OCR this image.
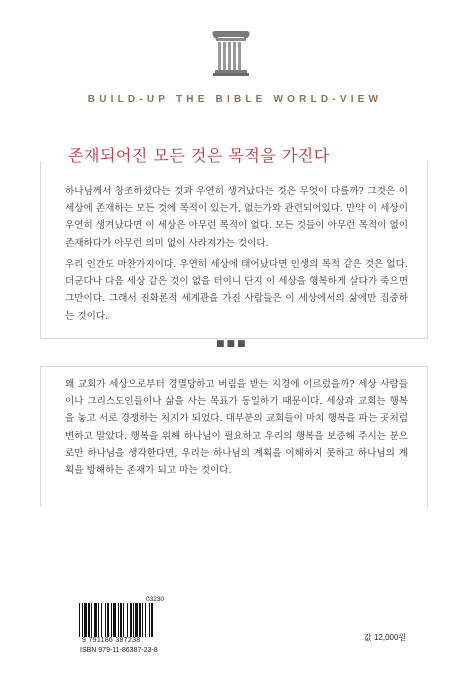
BUILD-UP THE BIBLE WORLD-VIEW
존재되어진 모든 것은 목적을 가진다

하나님께서 창조하셨다는 것과 우연히 생겨났다는 것은 무엇이 다를까? 그것은 이 세상에 존재하는 모든 것에 목적이 있는가, 없는가와 관련되어있다. 만약 이 세상이 우연히 생겨났다면 이 세상은 아무런 목적이 없다. 모든 것들이 아무런 목적이 없이 존재하다가 아무런 의미 없이 사라져가는 것이다.

우리 인간도 마찬가지이다. 우연히 세상에 태어났다면 인생의 목적 같은 것은 없다. 더군다나 다음 세상 같은 것이 없을 터이니 단지 이 세상을 행복하게 살다가 죽으면 그만이다. 그래서 진화론적 세계관을 가진 사람들은 이 세상에서의 삶에만 집중하는 것이다.

■■■

왜 교회가 세상으로부터 경멸당하고 버림을 받는 지경에 이르렀을까? 세상 사람들이나 그리스도인들이나 삶을 사는 목표가 동일하기 때문이다. 세상과 교회는 행복을 놓고 서로 경쟁하는 처지가 되었다. 대부분의 교회들이 마치 행복을 파는 곳처럼 변하고 말았다. 행복을 위해 하나님이 필요하고 우리의 행복을 보증해 주시는 분으로만 하나님을 생각한다면, 우리는 하나님의 계획을 이해하지 못하고 하나님의 계획을 방해하는 존재가 되고 마는 것이다.

03230
9 791186 387238
ISBN 979-11-86387-23-8
값 12,000원
